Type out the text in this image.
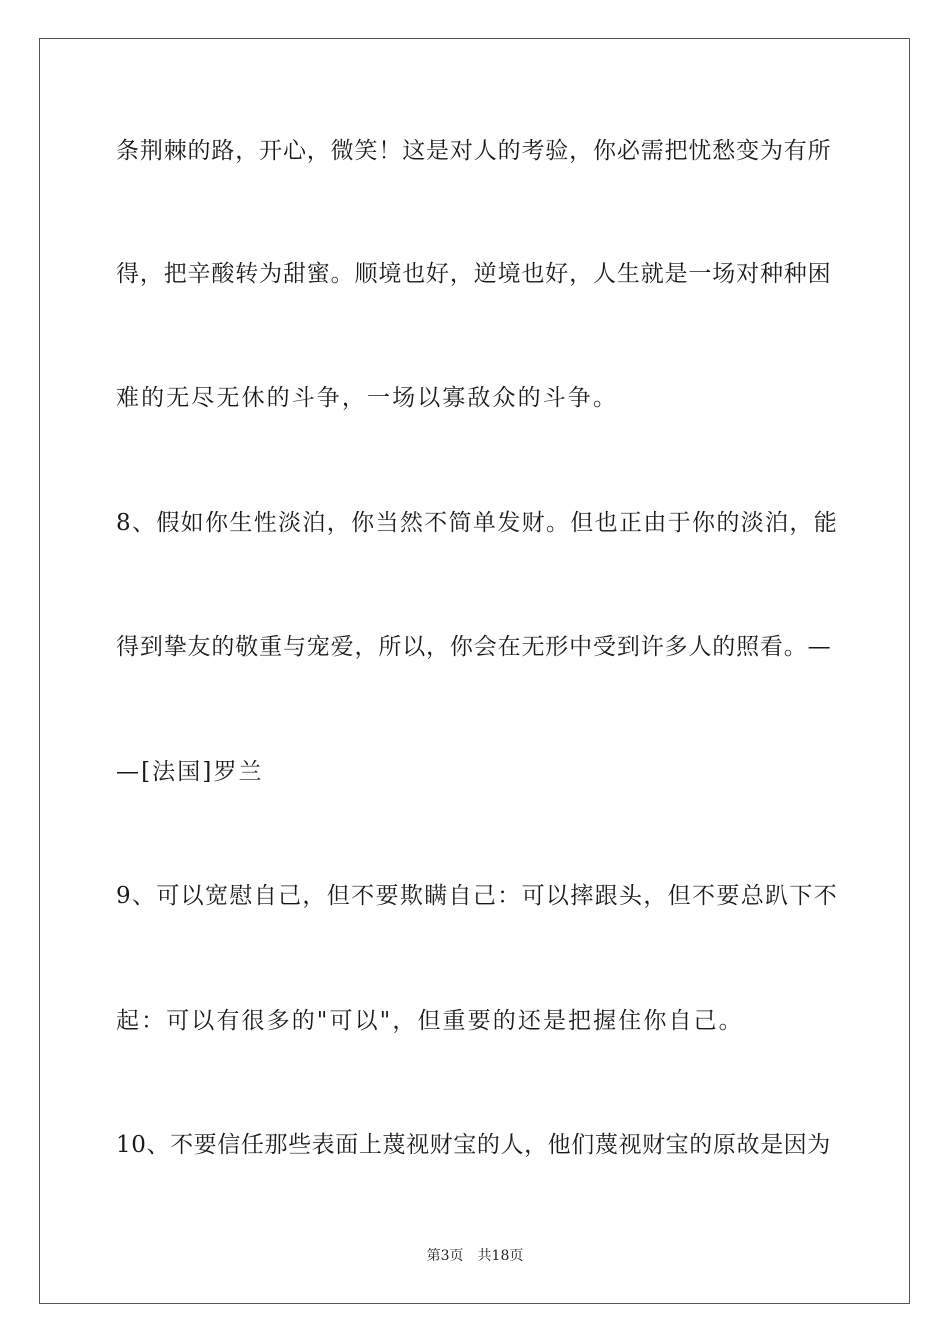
条荆棘的路，开心，微笑！这是对人的考验，你必需把忧愁变为有所
得，把辛酸转为甜蜜。顺境也好，逆境也好，人生就是一场对种种困
难的无尽无休的斗争，一场以寡敌众的斗争。
8、假如你生性淡泊，你当然不简单发财。但也正由于你的淡泊，能
得到挚友的敬重与宠爱，所以，你会在无形中受到许多人的照看。—
—[法国]罗兰
9、可以宽慰自己，但不要欺瞒自己：可以摔跟头，但不要总趴下不
起：可以有很多的"可以"，但重要的还是把握住你自己。
10、不要信任那些表面上蔑视财宝的人，他们蔑视财宝的原故是因为
第3页 共18页
